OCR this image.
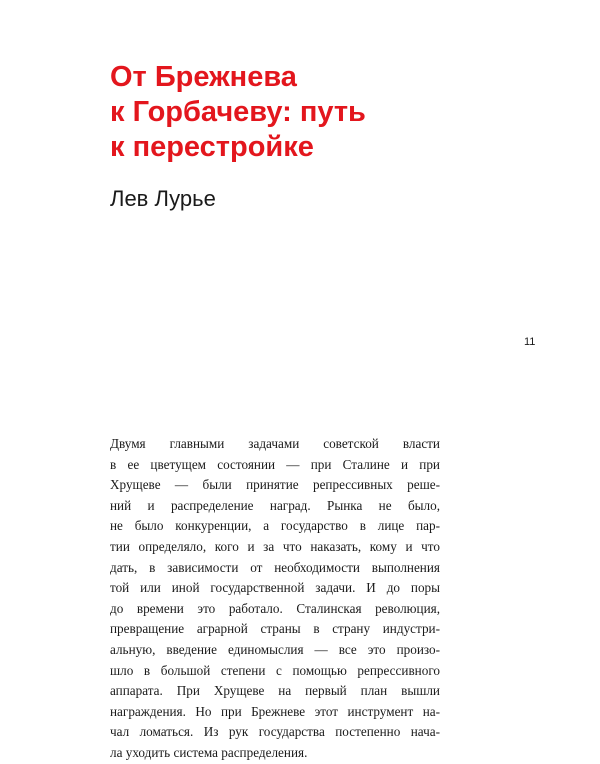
От Брежнева
к Горбачеву: путь
к перестройке

Лев Лурье

11
Двумя главными задачами советской власти
в ее цветущем состоянии — при Сталине и при
Хрущеве — были принятие репрессивных реше-
ний и распределение наград. Рынка не было,
не было конкуренции, а государство в лице пар-
тии определяло, кого и за что наказать, кому и что
дать, в зависимости от необходимости выполнения
той или иной государственной задачи. И до поры
до времени это работало. Сталинская революция,
превращение аграрной страны в страну индустри-
альную, введение единомыслия — все это произо-
шло в большой степени с помощью репрессивного
аппарата. При Хрущеве на первый план вышли
награждения. Но при Брежневе этот инструмент на-
чал ломаться. Из рук государства постепенно нача-
ла уходить система распределения.
